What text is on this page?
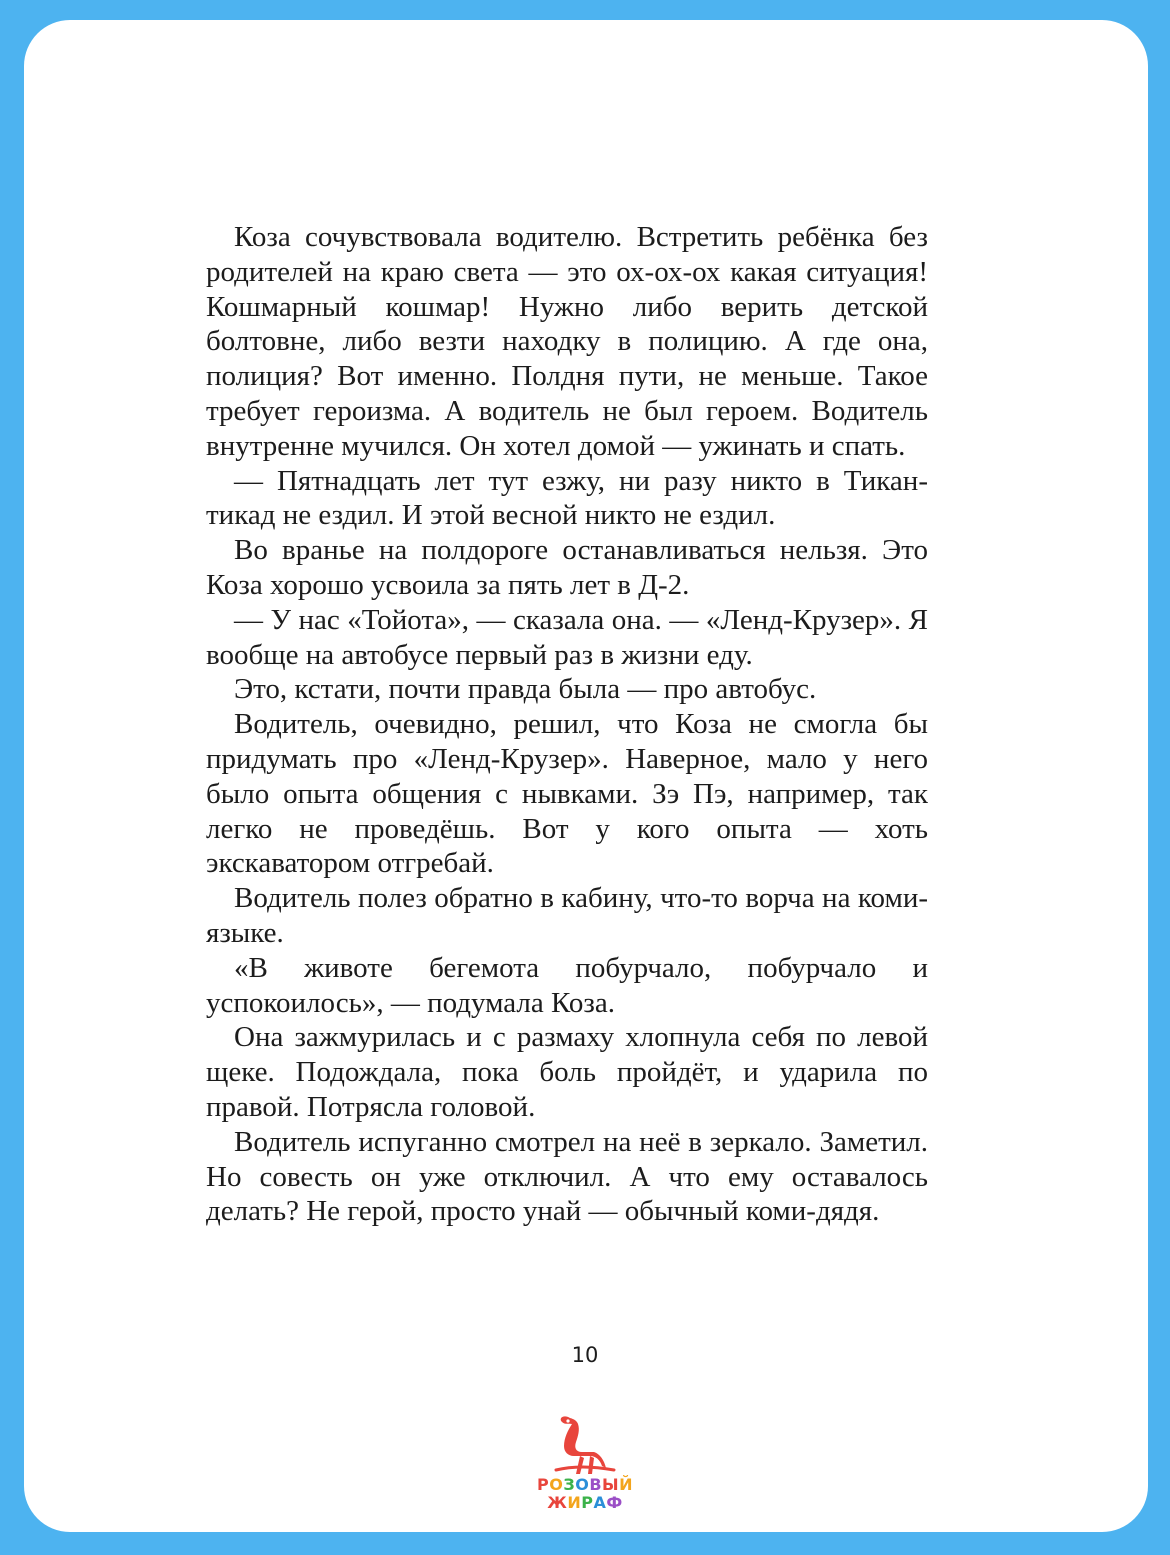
Коза сочувствовала водителю. Встретить ребёнка без родителей на краю света — это ох-ох-ох какая ситуация! Кошмарный кошмар! Нужно либо верить детской болтовне, либо везти находку в полицию. А где она, полиция? Вот именно. Полдня пути, не меньше. Такое требует героизма. А водитель не был героем. Водитель внутренне мучился. Он хотел домой — ужинать и спать.

— Пятнадцать лет тут езжу, ни разу никто в Тикан-тикад не ездил. И этой весной никто не ездил.

Во вранье на полдороге останавливаться нельзя. Это Коза хорошо усвоила за пять лет в Д-2.

— У нас «Тойота», — сказала она. — «Ленд-Крузер». Я вообще на автобусе первый раз в жизни еду.

Это, кстати, почти правда была — про автобус.

Водитель, очевидно, решил, что Коза не смогла бы придумать про «Ленд-Крузер». Наверное, мало у него было опыта общения с нывками. Зэ Пэ, например, так легко не проведёшь. Вот у кого опыта — хоть экскаватором отгребай.

Водитель полез обратно в кабину, что-то ворча на коми-языке.

«В животе бегемота побурчало, побурчало и успокоилось», — подумала Коза.

Она зажмурилась и с размаху хлопнула себя по левой щеке. Подождала, пока боль пройдёт, и ударила по правой. Потрясла головой.

Водитель испуганно смотрел на неё в зеркало. Заметил. Но совесть он уже отключил. А что ему оставалось делать? Не герой, просто унай — обычный коми-дядя.

10
РОЗОВЫЙ
ЖИРАФ
